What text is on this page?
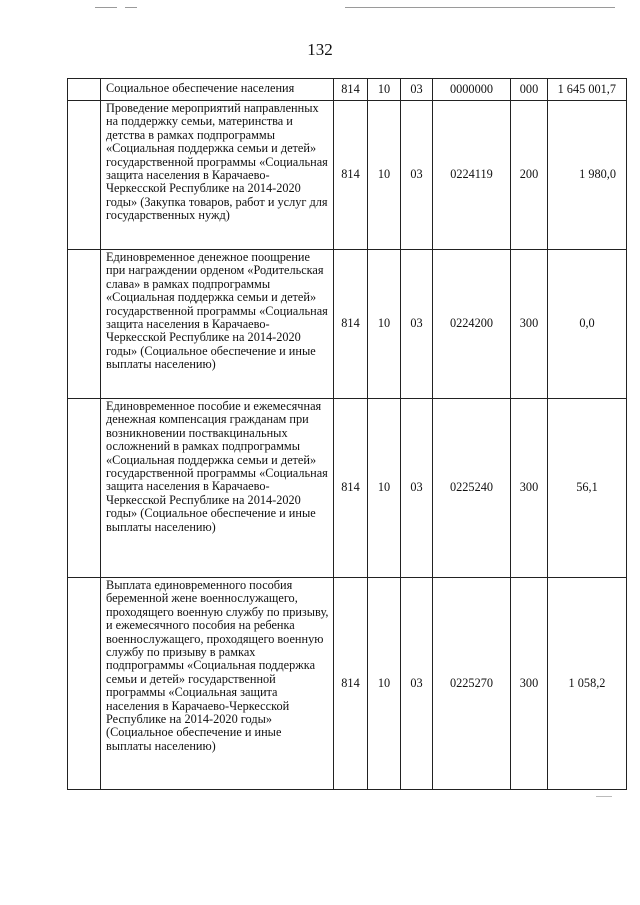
132
	Социальное обеспечение населения	814	10	03	0000000	000	1 645 001,7
	Проведение мероприятий направленных на поддержку семьи, материнства и детства в рамках подпрограммы «Социальная поддержка семьи и детей» государственной программы «Социальная защита населения в Карачаево-Черкесской Республике на 2014-2020 годы» (Закупка товаров, работ и услуг для государственных нужд)	814	10	03	0224119	200	1 980,0
	Единовременное денежное поощрение при награждении орденом «Родительская слава» в рамках подпрограммы «Социальная поддержка семьи и детей» государственной программы «Социальная защита населения в Карачаево-Черкесской Республике на 2014-2020 годы» (Социальное обеспечение и иные выплаты населению)	814	10	03	0224200	300	0,0
	Единовременное пособие и ежемесячная денежная компенсация гражданам при возникновении поствакцинальных осложнений в рамках подпрограммы «Социальная поддержка семьи и детей» государственной программы «Социальная защита населения в Карачаево-Черкесской Республике на 2014-2020 годы» (Социальное обеспечение и иные выплаты населению)	814	10	03	0225240	300	56,1
	Выплата единовременного пособия беременной жене военнослужащего, проходящего военную службу по призыву, и ежемесячного пособия на ребенка военнослужащего, проходящего военную службу по призыву в рамках подпрограммы «Социальная поддержка семьи и детей» государственной программы «Социальная защита населения в Карачаево-Черкесской Республике на 2014-2020 годы» (Социальное обеспечение и иные выплаты населению)	814	10	03	0225270	300	1 058,2
